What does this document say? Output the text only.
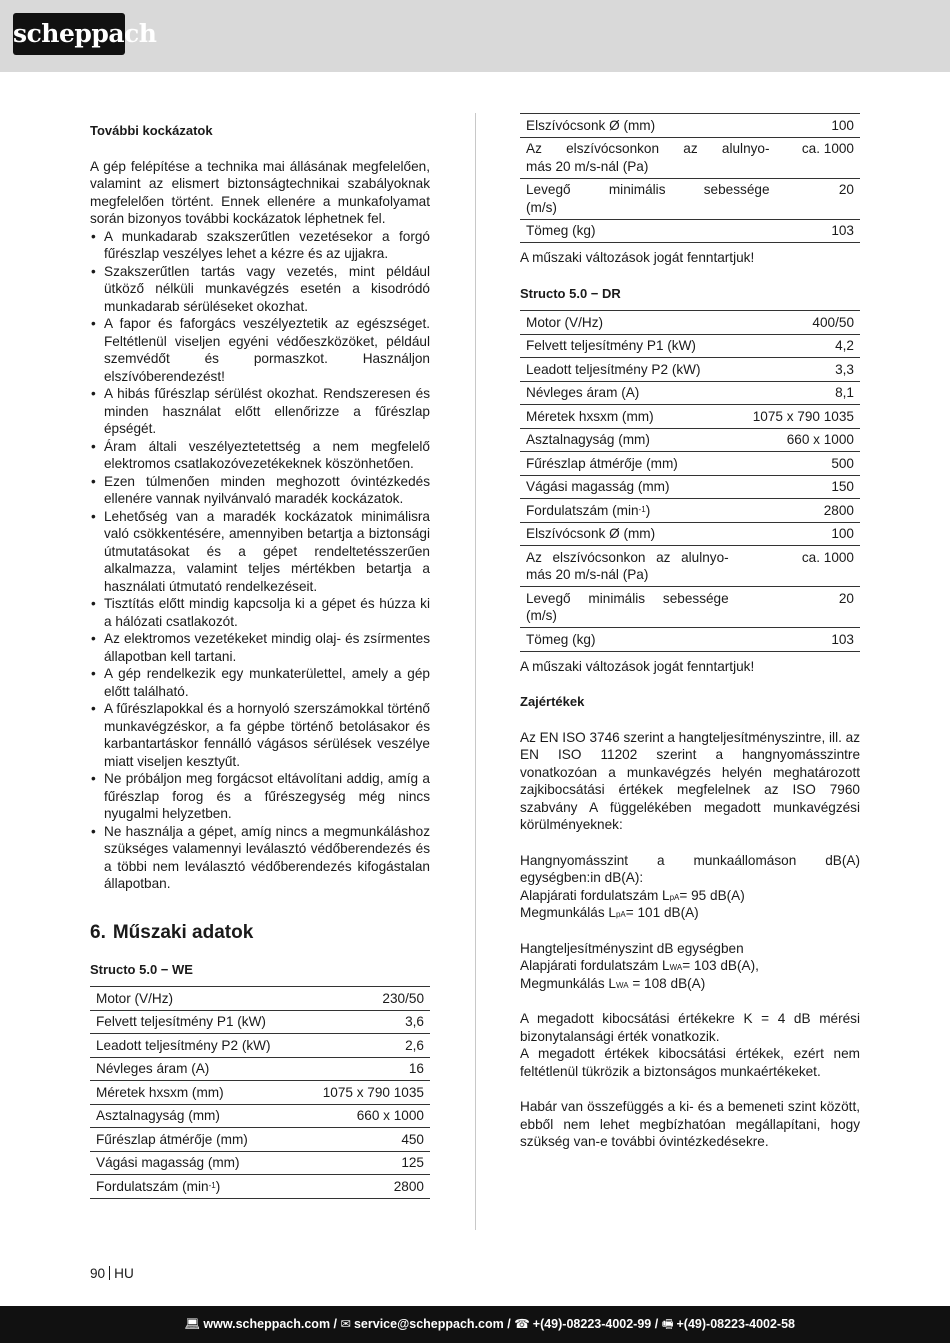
scheppach
További kockázatok
A gép felépítése a technika mai állásának megfelelően, valamint az elismert biztonságtechnikai szabályoknak megfelelően történt. Ennek ellenére a munkafolyamat során bizonyos további kockázatok léphetnek fel.
• A munkadarab szakszerűtlen vezetésekor a forgó fűrészlap veszélyes lehet a kézre és az ujjakra.
• Szakszerűtlen tartás vagy vezetés, mint például ütköző nélküli munkavégzés esetén a kisodródó munkadarab sérüléseket okozhat.
• A fapor és faforgács veszélyeztetik az egészséget. Feltétlenül viseljen egyéni védőeszközöket, például szemvédőt és pormaszkot. Használjon elszívóberendezést!
• A hibás fűrészlap sérülést okozhat. Rendszeresen és minden használat előtt ellenőrizze a fűrészlap épségét.
• Áram általi veszélyeztetettség a nem megfelelő elektromos csatlakozóvezetékeknek köszönhetően.
• Ezen túlmenően minden meghozott óvintézkedés ellenére vannak nyilvánvaló maradék kockázatok.
• Lehetőség van a maradék kockázatok minimálisra való csökkentésére, amennyiben betartja a biztonsági útmutatásokat és a gépet rendeltetésszerűen alkalmazza, valamint teljes mértékben betartja a használati útmutató rendelkezéseit.
• Tisztítás előtt mindig kapcsolja ki a gépet és húzza ki a hálózati csatlakozót.
• Az elektromos vezetékeket mindig olaj- és zsírmentes állapotban kell tartani.
• A gép rendelkezik egy munkaterülettel, amely a gép előtt található.
• A fűrészlapokkal és a hornyoló szerszámokkal történő munkavégzéskor, a fa gépbe történő betolásakor és karbantartáskor fennálló vágásos sérülések veszélye miatt viseljen kesztyűt.
• Ne próbáljon meg forgácsot eltávolítani addig, amíg a fűrészlap forog és a fűrészegység még nincs nyugalmi helyzetben.
• Ne használja a gépet, amíg nincs a megmunkáláshoz szükséges valamennyi leválasztó védőberendezés és a többi nem leválasztó védőberendezés kifogástalan állapotban.
6. Műszaki adatok
Structo 5.0 − WE
Motor (V/Hz)	230/50
Felvett teljesítmény P1 (kW)	3,6
Leadott teljesítmény P2 (kW)	2,6
Névleges áram (A)	16
Méretek hxsxm (mm)	1075 x 790 1035
Asztalnagyság (mm)	660 x 1000
Fűrészlap átmérője (mm)	450
Vágási magasság (mm)	125
Fordulatszám $(\min^{-1})$	2800
Elszívócsonk Ø (mm)	100

Az elszívócsonkon az alulnyo-
más 20 m/s-nál (Pa)	ca. 1000

Levegő minimális sebessége
(m/s)	20
Tömeg (kg)	103
A műszaki változások jogát fenntartjuk!
Structo 5.0 − DR
Motor (V/Hz)	400/50
Felvett teljesítmény P1 (kW)	4,2
Leadott teljesítmény P2 (kW)	3,3
Névleges áram (A)	8,1
Méretek hxsxm (mm)	1075 x 790 1035
Asztalnagyság (mm)	660 x 1000
Fűrészlap átmérője (mm)	500
Vágási magasság (mm)	150
Fordulatszám $(\min^{-1})$	2800
Elszívócsonk Ø (mm)	100

Az elszívócsonkon az alulnyo-
más 20 m/s-nál (Pa)	ca. 1000

Levegő minimális sebessége
(m/s)	20
Tömeg (kg)	103
A műszaki változások jogát fenntartjuk!
Zajértékek
Az EN ISO 3746 szerint a hangteljesítményszintre, ill. az EN ISO 11202 szerint a hangnyomásszintre vonatkozóan a munkavégzés helyén meghatározott zajkibocsátási értékek megfelelnek az ISO 7960 szabvány A függelékében megadott munkavégzési körülményeknek:
Hangnyomásszint a munkaállomáson dB(A) egységben:in dB(A):
Alapjárati fordulatszám $L_{pA}= 95$ dB(A)
Megmunkálás $L_{pA}= 101$ dB(A)
Hangteljesítményszint dB egységben
Alapjárati fordulatszám $L_{WA}= 103$ dB(A),
Megmunkálás $L_{WA} = 108$ dB(A)
A megadott kibocsátási értékekre K = 4 dB mérési bizonytalansági érték vonatkozik.
A megadott értékek kibocsátási értékek, ezért nem feltétlenül tükrözik a biztonságos munkaértékeket.
Habár van összefüggés a ki- és a bemeneti szint között, ebből nem lehet megbízhatóan megállapítani, hogy szükség van-e további óvintézkedésekre.
90 HU
💻︎ www.scheppach.com / ✉ service@scheppach.com / ☎ +(49)-08223-4002-99 / 🖷︎ +(49)-08223-4002-58
